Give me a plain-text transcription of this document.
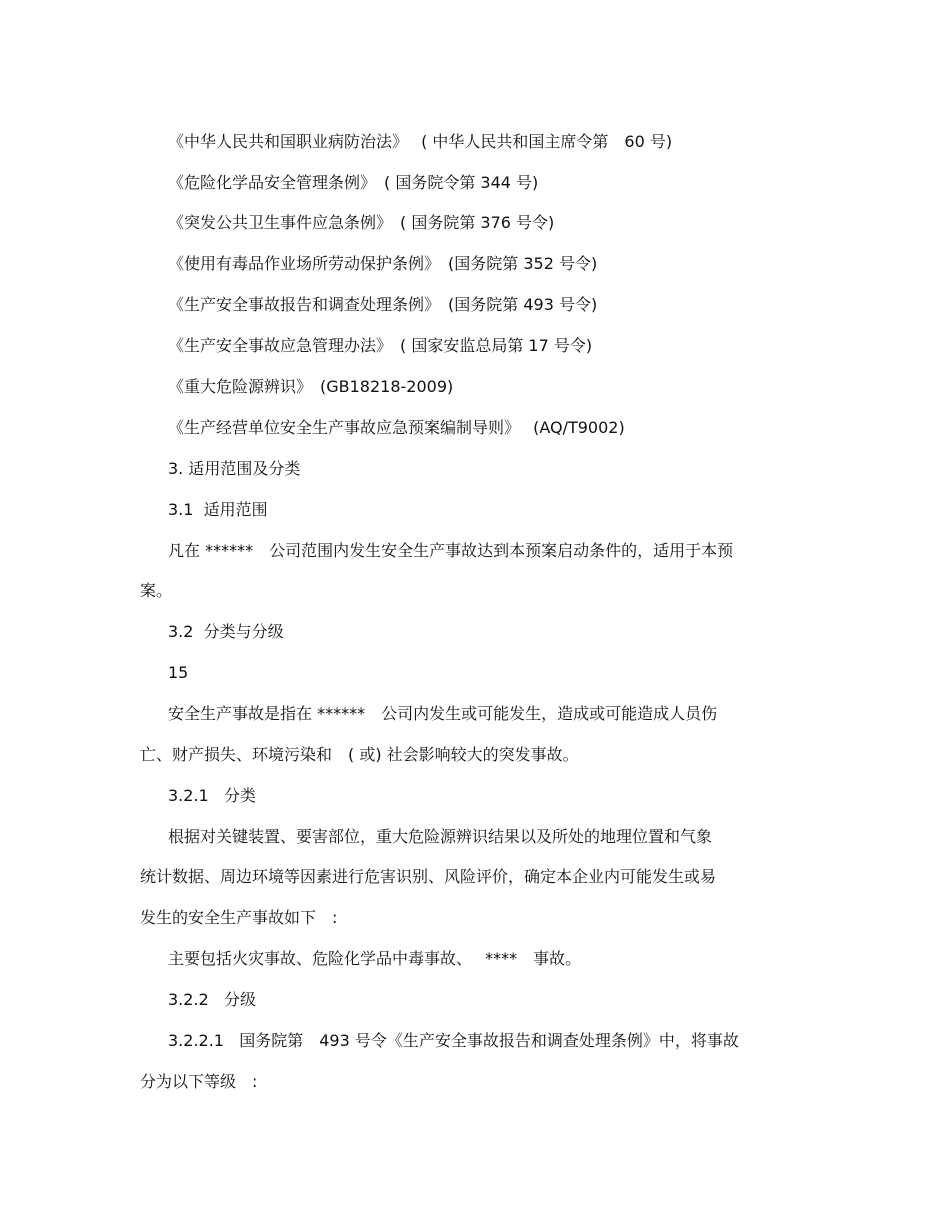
《中华人民共和国职业病防治法》　 ( 中华人民共和国主席令第　60 号)

《危险化学品安全管理条例》　( 国务院令第 344 号)

《突发公共卫生事件应急条例》　( 国务院第 376 号令)

《使用有毒品作业场所劳动保护条例》　(国务院第 352 号令)

《生产安全事故报告和调查处理条例》　(国务院第 493 号令)

《生产安全事故应急管理办法》　( 国家安监总局第 17 号令)

《重大危险源辨识》　(GB18218-2009)

《生产经营单位安全生产事故应急预案编制导则》　 (AQ/T9002)

3. 适用范围及分类

3.1  适用范围

凡在 ******　公司范围内发生安全生产事故达到本预案启动条件的，适用于本预

案。

3.2  分类与分级

15

安全生产事故是指在 ******　公司内发生或可能发生，造成或可能造成人员伤

亡、财产损失、环境污染和　( 或) 社会影响较大的突发事故。

3.2.1   分类

根据对关键装置、要害部位，重大危险源辨识结果以及所处的地理位置和气象

统计数据、周边环境等因素进行危害识别、风险评价，确定本企业内可能发生或易

发生的安全生产事故如下　:

主要包括火灾事故、危险化学品中毒事故、　 ****　事故。

3.2.2   分级

3.2.2.1   国务院第　493 号令《生产安全事故报告和调查处理条例》中，将事故

分为以下等级　:
